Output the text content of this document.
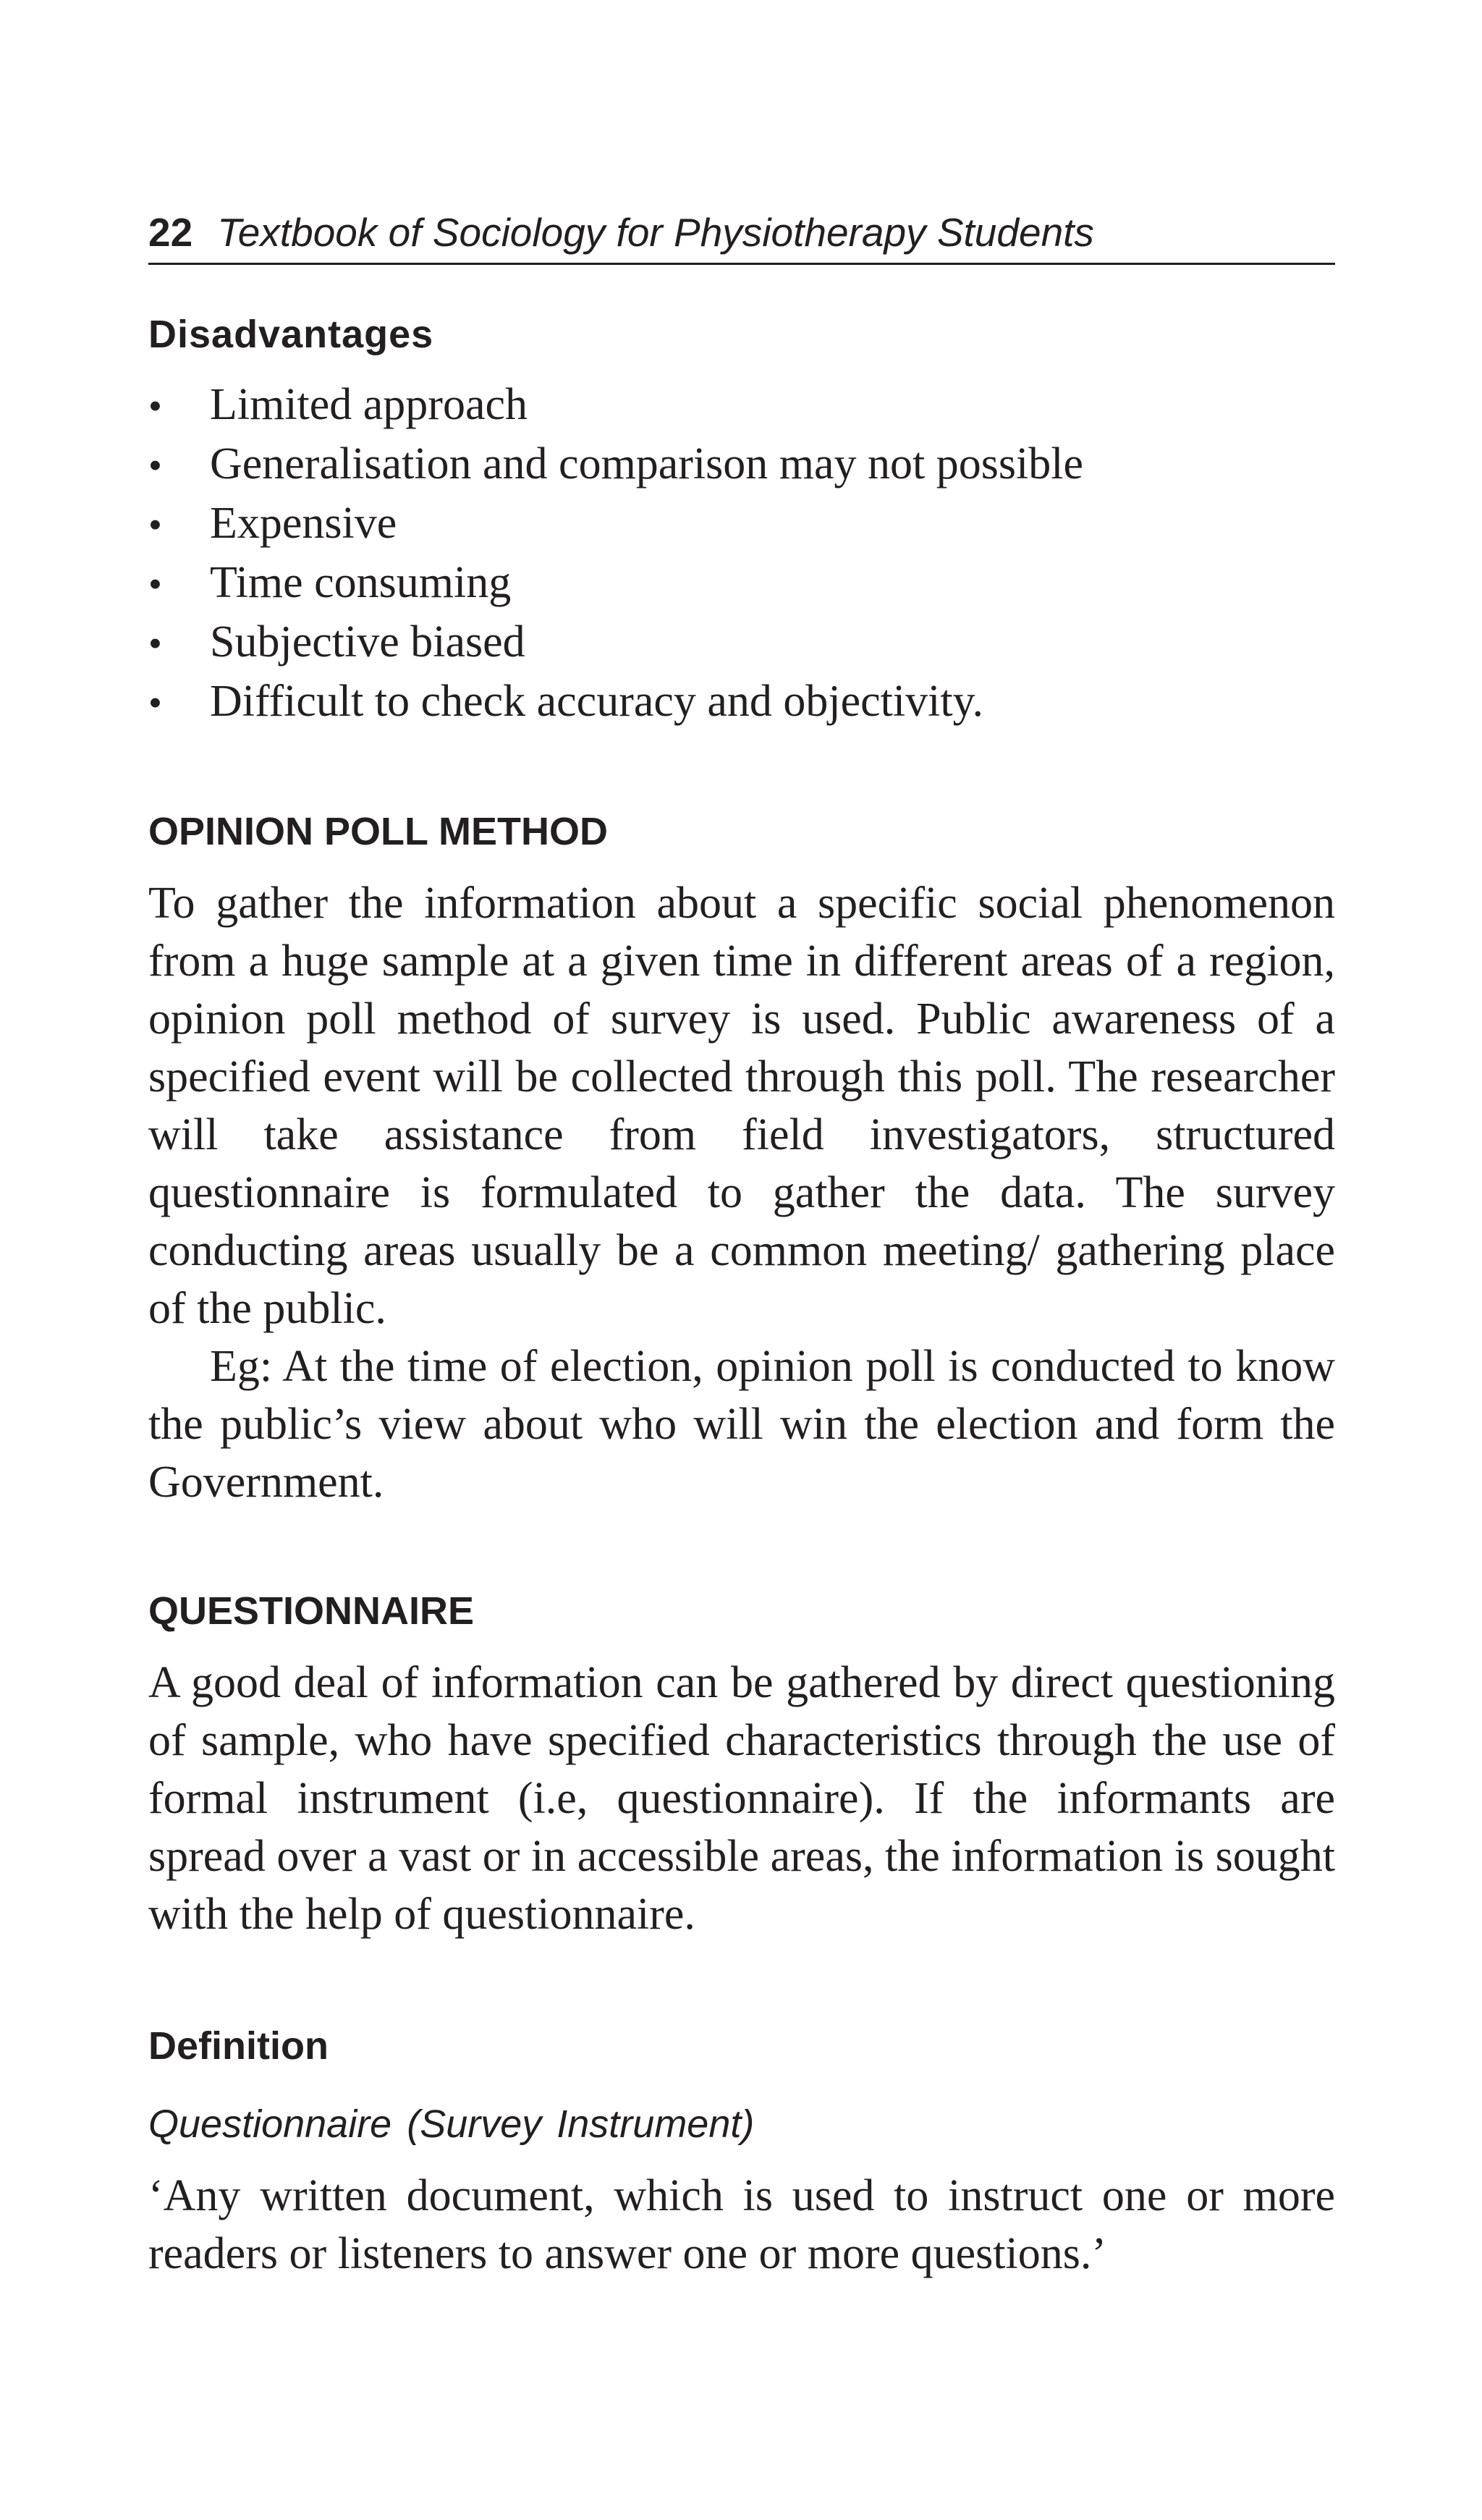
22 Textbook of Sociology for Physiotherapy Students
Disadvantages
•	Limited approach
•	Generalisation and comparison may not possible
•	Expensive
•	Time consuming
•	Subjective biased
•	Difficult to check accuracy and objectivity.
OPINION POLL METHOD

To gather the information about a specific social phenomenon from a huge sample at a given time in different areas of a region, opinion poll method of survey is used. Public awareness of a specified event will be collected through this poll. The researcher will take assistance from field investigators, structured questionnaire is formulated to gather the data. The survey conducting areas usually be a common meeting/ gathering place of the public.

Eg: At the time of election, opinion poll is conducted to know the public’s view about who will win the election and form the Government.

QUESTIONNAIRE

A good deal of information can be gathered by direct questioning of sample, who have specified characteristics through the use of formal instrument (i.e, questionnaire). If the informants are spread over a vast or in accessible areas, the information is sought with the help of questionnaire.

Definition

Questionnaire (Survey Instrument)

‘Any written document, which is used to instruct one or more readers or listeners to answer one or more questions.’
